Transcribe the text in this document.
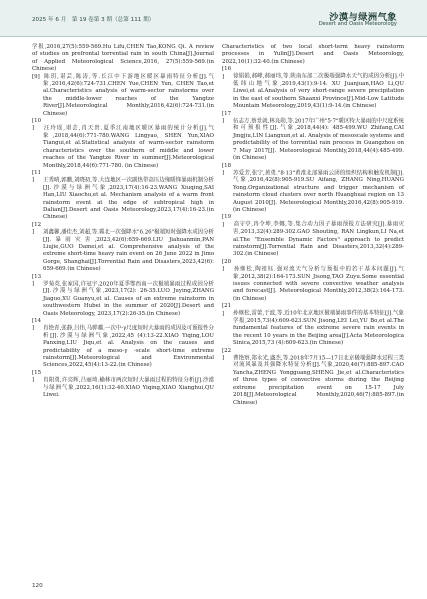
2025 年 6 月　第 19 卷第 3 期（总第 111 期）	沙漠与绿洲气象
Desert and Oasis Meteorology
学报,2016,27(5):559-569.Hu Lifu,CHEN Tao,KONG Qi. A review of studies on prefrontal torrential rain in south China[J].Journal of Applied Meteorological Science,2016, 27(5):559-569.(in Chinese)
[9] 陈玥,谌芸,陈涛,等.长江中下游地区暖区暴雨特征分析[J].气象,2016,42(6):724-731.CHEN Yue,CHEN Yun, CHEN Tao,et al.Characteristics analysis of warm-sector rainstorms over the middle-lower reaches of the Yangtze River[J].Meteorological Monthly,2016,42(6):724-731.(in Chinese)
[10] 汪玲瑶,谌芸,肖天贵.夏季江南地区暖区暴雨的统计分析[J].气象,2018,44(6):771-780.WANG Lingyao, SHEN Yun,XIAO Tiangui,et al.Statistical analysis of warm-sector rainstorm characteristics over the southern of middle and lower reaches of the Yangtze River in summer[J].Meteorological Monthly,2018,44(6):771-780. (in Chinese)
[11] 王秀晴,郭鹏,刘晓初,等.大连地区一次副热带高压边缘暖锋暴雨机制分析[J].沙漠与绿洲气象,2023,17(4):16-23.WANG Xiuqing,SAI Han,LIU Xiaochu,et al. Mechanism analysis of a warm front rainstorm event at the edge of subtropical high in Dalian[J].Desert and Oasis Meteorology,2023,17(4):16-23.(in Chinese)
[12] 刘鑫馨,潘佳杰,刘超,等.冀北一次强降水"6.26"极端短时强降水成因分析[J].暴雨灾害,2023,42(6):659-669.LIU Jiahuanmin,PAN Liujie,GUO Damei,et al. Comprehensive analysis of the extreme short-time heavy rain event on 26 June 2022 in Jimo Gorge, Shanghai[J].Torrential Rain and Disasters,2023,42(6): 659-669.(in Chinese)
[13] 罗菊英,张家国,许冠宇.2020年夏季鄂西南一次极端暴雨过程成因分析[J].沙漠与绿洲气象,2023,17(2): 26-35.LUO Juying,ZHANG Jiaguo,XU Guanyu,et al. Causes of an extreme rainstorm in southwestern Hubei in the summer of 2020[J].Desert and Oasis Meteorology, 2023,17(2):26-35.(in Chinese)
[14] 肖艳青,张静,吕伟,马骅骥.一次中-γ尺度短时大暴雨的成因及可预报性分析[J].沙漠与绿洲气象,2022,45 (4):13-22.XIAO Yiqing,LOU Panxing,LIU Jiqu,et al. Analysis on the causes and predictability of a meso-γ -scale short-time extreme rainstorm[J].Meteorological and Environmental Sciences,2022,45(4):13-22.(in Chinese)
[15] 肖阳勇,许亮辉,吕丽琦.榆林市两次短时大暴雨过程的特征分析[J].沙漠与绿洲气象,2022,16(1):32-40.XIAO Yiqing,XIAO Xianghui,QU Liwei.
Characteristics of two local short-term heavy rainstorm processes in Yulin[J].Desert and Oasis Meteorology, 2022,16(1):32-40.(in Chinese)
[16] 徐娟娟,郝峰,郝丽玮,等.陕南东部二次极端强降水天气的成因分析[J].中低纬山地气象,2019,43(1):9-14. XU Juanjuan,HAO Li,QU Liwei,et al.Analysis of very short-range severe precipitation in the east of southern Shaanxi Province[J].Mid-Low Latitude Mountain Meteorology,2019,43(1):9-14.(in Chinese)
[17] 伍志方,蔡景就,林良勋,等.2017年广州"5·7"暖区特大暴雨的中尺度系统和可预报性[J].气象,2018,44(4): 485-499.WU Zhifang,CAI Jingjiu,LIN Liangxun,et al. Analysis of mesoscale systems and predictability of the torrential rain process in Guangzhou on 7 May 2017[J]. Meteorological Monthly,2018,44(4):485-499.(in Chinese)
[18] 苏爱芳,张宁,黄勇."8·13"黄淮北部暴雨云团的组织结构和触发机制[J].气象,2016,42(8):905-919.SU Aifang, ZHANG Ning,HUANG Yong.Organizational structure and trigger mechanism of rainstorm cloud clusters over north Huanghuai region on 13 August 2010[J]. Meteorological Monthly,2016,42(8):905-919.(in Chinese)
[19] 高守亭,冉令坤,李娜,等.集合动力因子暴雨预报方法研究[J].暴雨灾害,2013,32(4):289-302.GAO Shouting, RAN Lingkun,LI Na,et al.The "Ensemble Dynamic Factors" approach to predict rainstorm[J].Torrential Rain and Disasters,2013,32(4):289-302.(in Chinese)
[20] 孙继松,陶祖钰.强对流天气分析与预报中的若干基本问题[J].气象,2012,38(2):164-173.SUN Jisong,TAO Zuyu.Some essential issues connected with severe convective weather analysis and forecast[J]. Meteorological Monthly,2012,38(2):164-173.(in Chinese)
[21] 孙继松,雷蕾,于波,等.近10年北京地区极端暴雨事件的基本特征[J].气象学报,2015,73(4):609-623.SUN Jisong,LEI Lei,YU Bo,et al.The fundamental features of the extreme severe rain events in the recent 10 years in the Beijing area[J].Acta Meteorologica Sinica,2015,73 (4):609-623.(in Chinese)
[22] 曹艳察,郑永光,盛杰,等.2018年7月15—17日北京极端强降水过程三类对流风暴及其强降水特征分析[J].气象,2020,46(7):885-897.CAO Yancha,ZHENG Yongguang,SHENG Jie,et al.Characteristics of three types of convective storms during the Beijing extreme precipitation event on 15-17 July 2018[J].Meteorological Monthly,2020,46(7):885-897.(in Chinese)
120
